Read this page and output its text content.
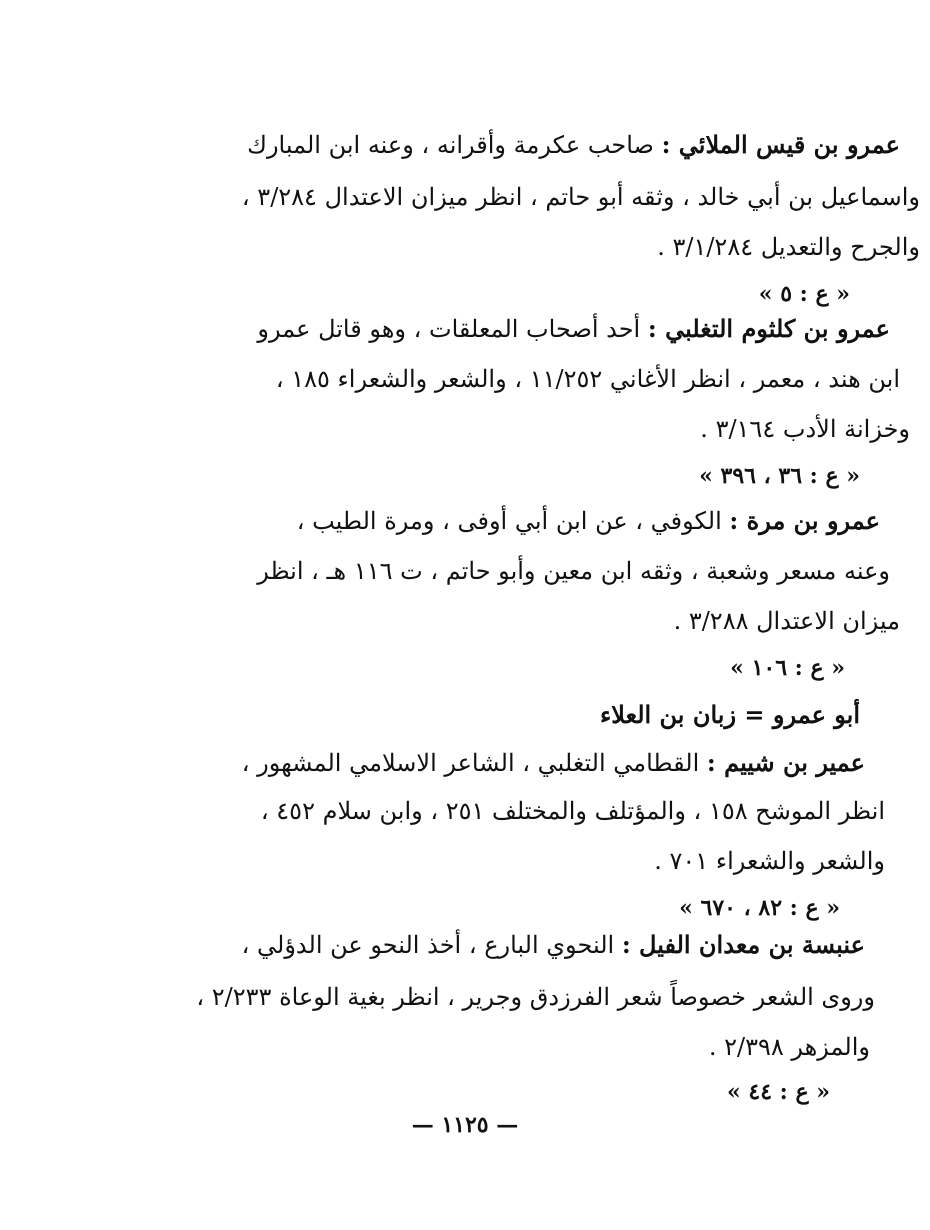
عمرو بن قيس الملائي : صاحب عكرمة وأقرانه ، وعنه ابن المبارك
واسماعيل بن أبي خالد ، وثقه أبو حاتم ، انظر ميزان الاعتدال ٣/٢٨٤ ،
والجرح والتعديل ٣/١/٢٨٤ .
« ع : ٥ »
عمرو بن كلثوم التغلبي : أحد أصحاب المعلقات ، وهو قاتل عمرو
ابن هند ، معمر ، انظر الأغاني ١١/٢٥٢ ، والشعر والشعراء ١٨٥ ،
وخزانة الأدب ٣/١٦٤ .
« ع : ٣٦ ، ٣٩٦ »
عمرو بن مرة : الكوفي ، عن ابن أبي أوفى ، ومرة الطيب ،
وعنه مسعر وشعبة ، وثقه ابن معين وأبو حاتم ، ت ١١٦ هـ ، انظر
ميزان الاعتدال ٣/٢٨٨ .
« ع : ١٠٦ »
أبو عمرو = زبان بن العلاء
عمير بن شييم : القطامي التغلبي ، الشاعر الاسلامي المشهور ،
انظر الموشح ١٥٨ ، والمؤتلف والمختلف ٢٥١ ، وابن سلام ٤٥٢ ،
والشعر والشعراء ٧٠١ .
« ع : ٨٢ ، ٦٧٠ »
عنبسة بن معدان الفيل : النحوي البارع ، أخذ النحو عن الدؤلي ،
وروى الشعر خصوصاً شعر الفرزدق وجرير ، انظر بغية الوعاة ٢/٢٣٣ ،
والمزهر ٢/٣٩٨ .
« ع : ٤٤ »
— ١١٢٥ —
